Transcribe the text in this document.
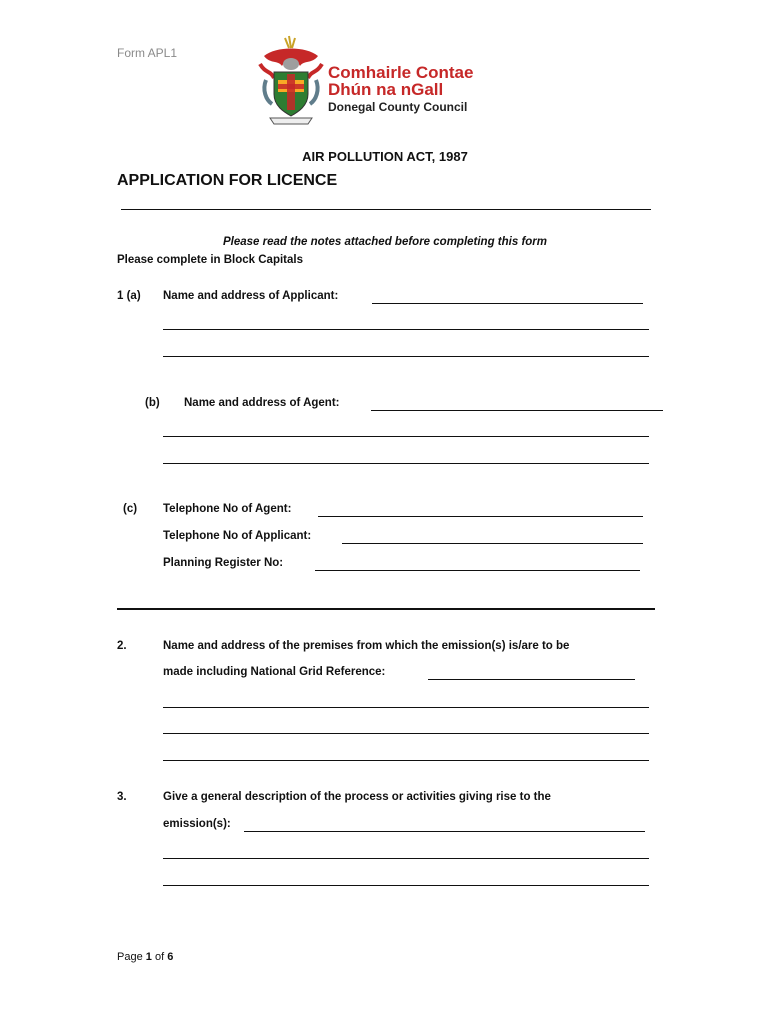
Form APL1
Comhairle Contae
Dhún na nGall
Donegal County Council
AIR POLLUTION ACT, 1987
APPLICATION FOR LICENCE
Please read the notes attached before completing this form
Please complete in Block Capitals
1 (a) Name and address of Applicant:
(b) Name and address of Agent:
(c) Telephone No of Agent:
Telephone No of Applicant:
Planning Register No:
2.	Name and address of the premises from which the emission(s) is/are to be
made including National Grid Reference:
3.	Give a general description of the process or activities giving rise to the
emission(s):
Page 1 of 6
